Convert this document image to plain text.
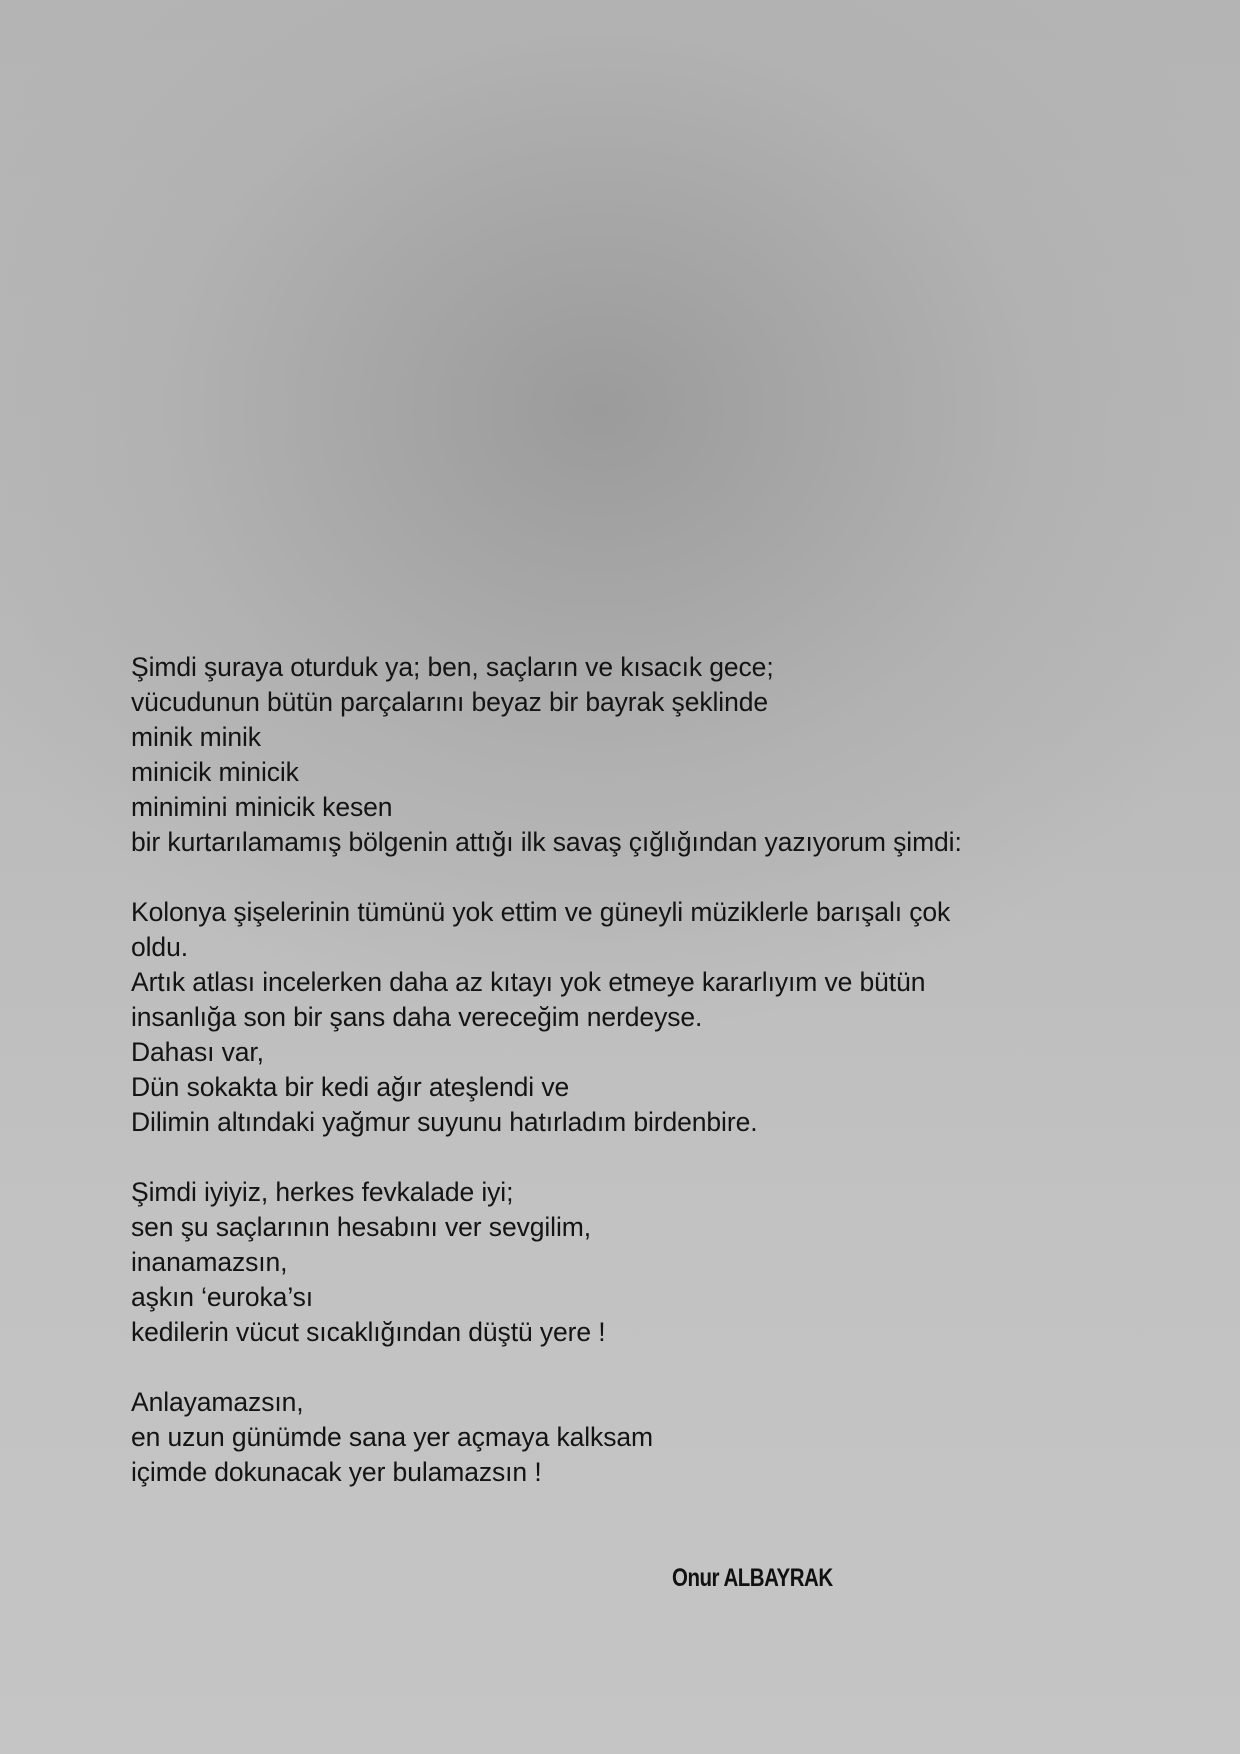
Şimdi şuraya oturduk ya; ben, saçların ve kısacık gece;
vücudunun bütün parçalarını beyaz bir bayrak şeklinde
minik minik
minicik minicik
minimini minicik kesen
bir kurtarılamamış bölgenin attığı ilk savaş çığlığından yazıyorum şimdi:
Kolonya şişelerinin tümünü yok ettim ve güneyli müziklerle barışalı çok
oldu.
Artık atlası incelerken daha az kıtayı yok etmeye kararlıyım ve bütün
insanlığa son bir şans daha vereceğim nerdeyse.
Dahası var,
Dün sokakta bir kedi ağır ateşlendi ve
Dilimin altındaki yağmur suyunu hatırladım birdenbire.
Şimdi iyiyiz, herkes fevkalade iyi;
sen şu saçlarının hesabını ver sevgilim,
inanamazsın,
aşkın ‘euroka’sı
kedilerin vücut sıcaklığından düştü yere !
Anlayamazsın,
en uzun günümde sana yer açmaya kalksam
içimde dokunacak yer bulamazsın !
Onur ALBAYRAK
